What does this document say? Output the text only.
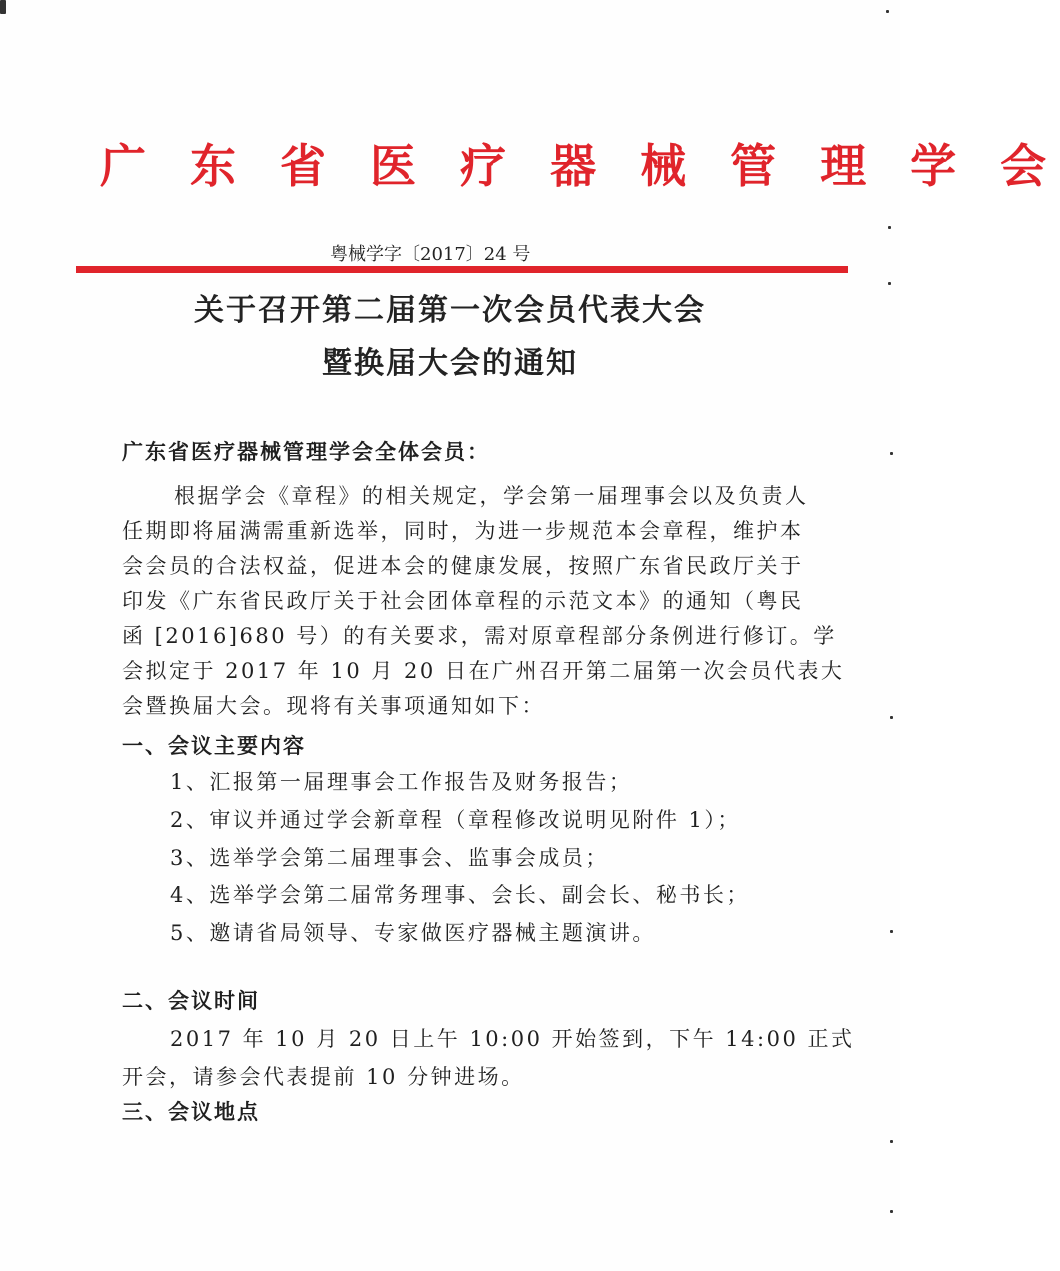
广 东 省 医 疗 器 械 管 理 学 会
粤械学字〔2017〕24 号
关于召开第二届第一次会员代表大会
暨换届大会的通知
广东省医疗器械管理学会全体会员：
根据学会《章程》的相关规定，学会第一届理事会以及负责人
任期即将届满需重新选举，同时，为进一步规范本会章程，维护本
会会员的合法权益，促进本会的健康发展，按照广东省民政厅关于
印发《广东省民政厅关于社会团体章程的示范文本》的通知（粤民
函 [2016]680 号）的有关要求，需对原章程部分条例进行修订。学
会拟定于 2017 年 10 月 20 日在广州召开第二届第一次会员代表大
会暨换届大会。现将有关事项通知如下：
一、会议主要内容
1、汇报第一届理事会工作报告及财务报告；
2、审议并通过学会新章程（章程修改说明见附件 1）；
3、选举学会第二届理事会、监事会成员；
4、选举学会第二届常务理事、会长、副会长、秘书长；
5、邀请省局领导、专家做医疗器械主题演讲。
二、会议时间
2017 年 10 月 20 日上午 10:00 开始签到，下午 14:00 正式
开会，请参会代表提前 10 分钟进场。
三、会议地点
